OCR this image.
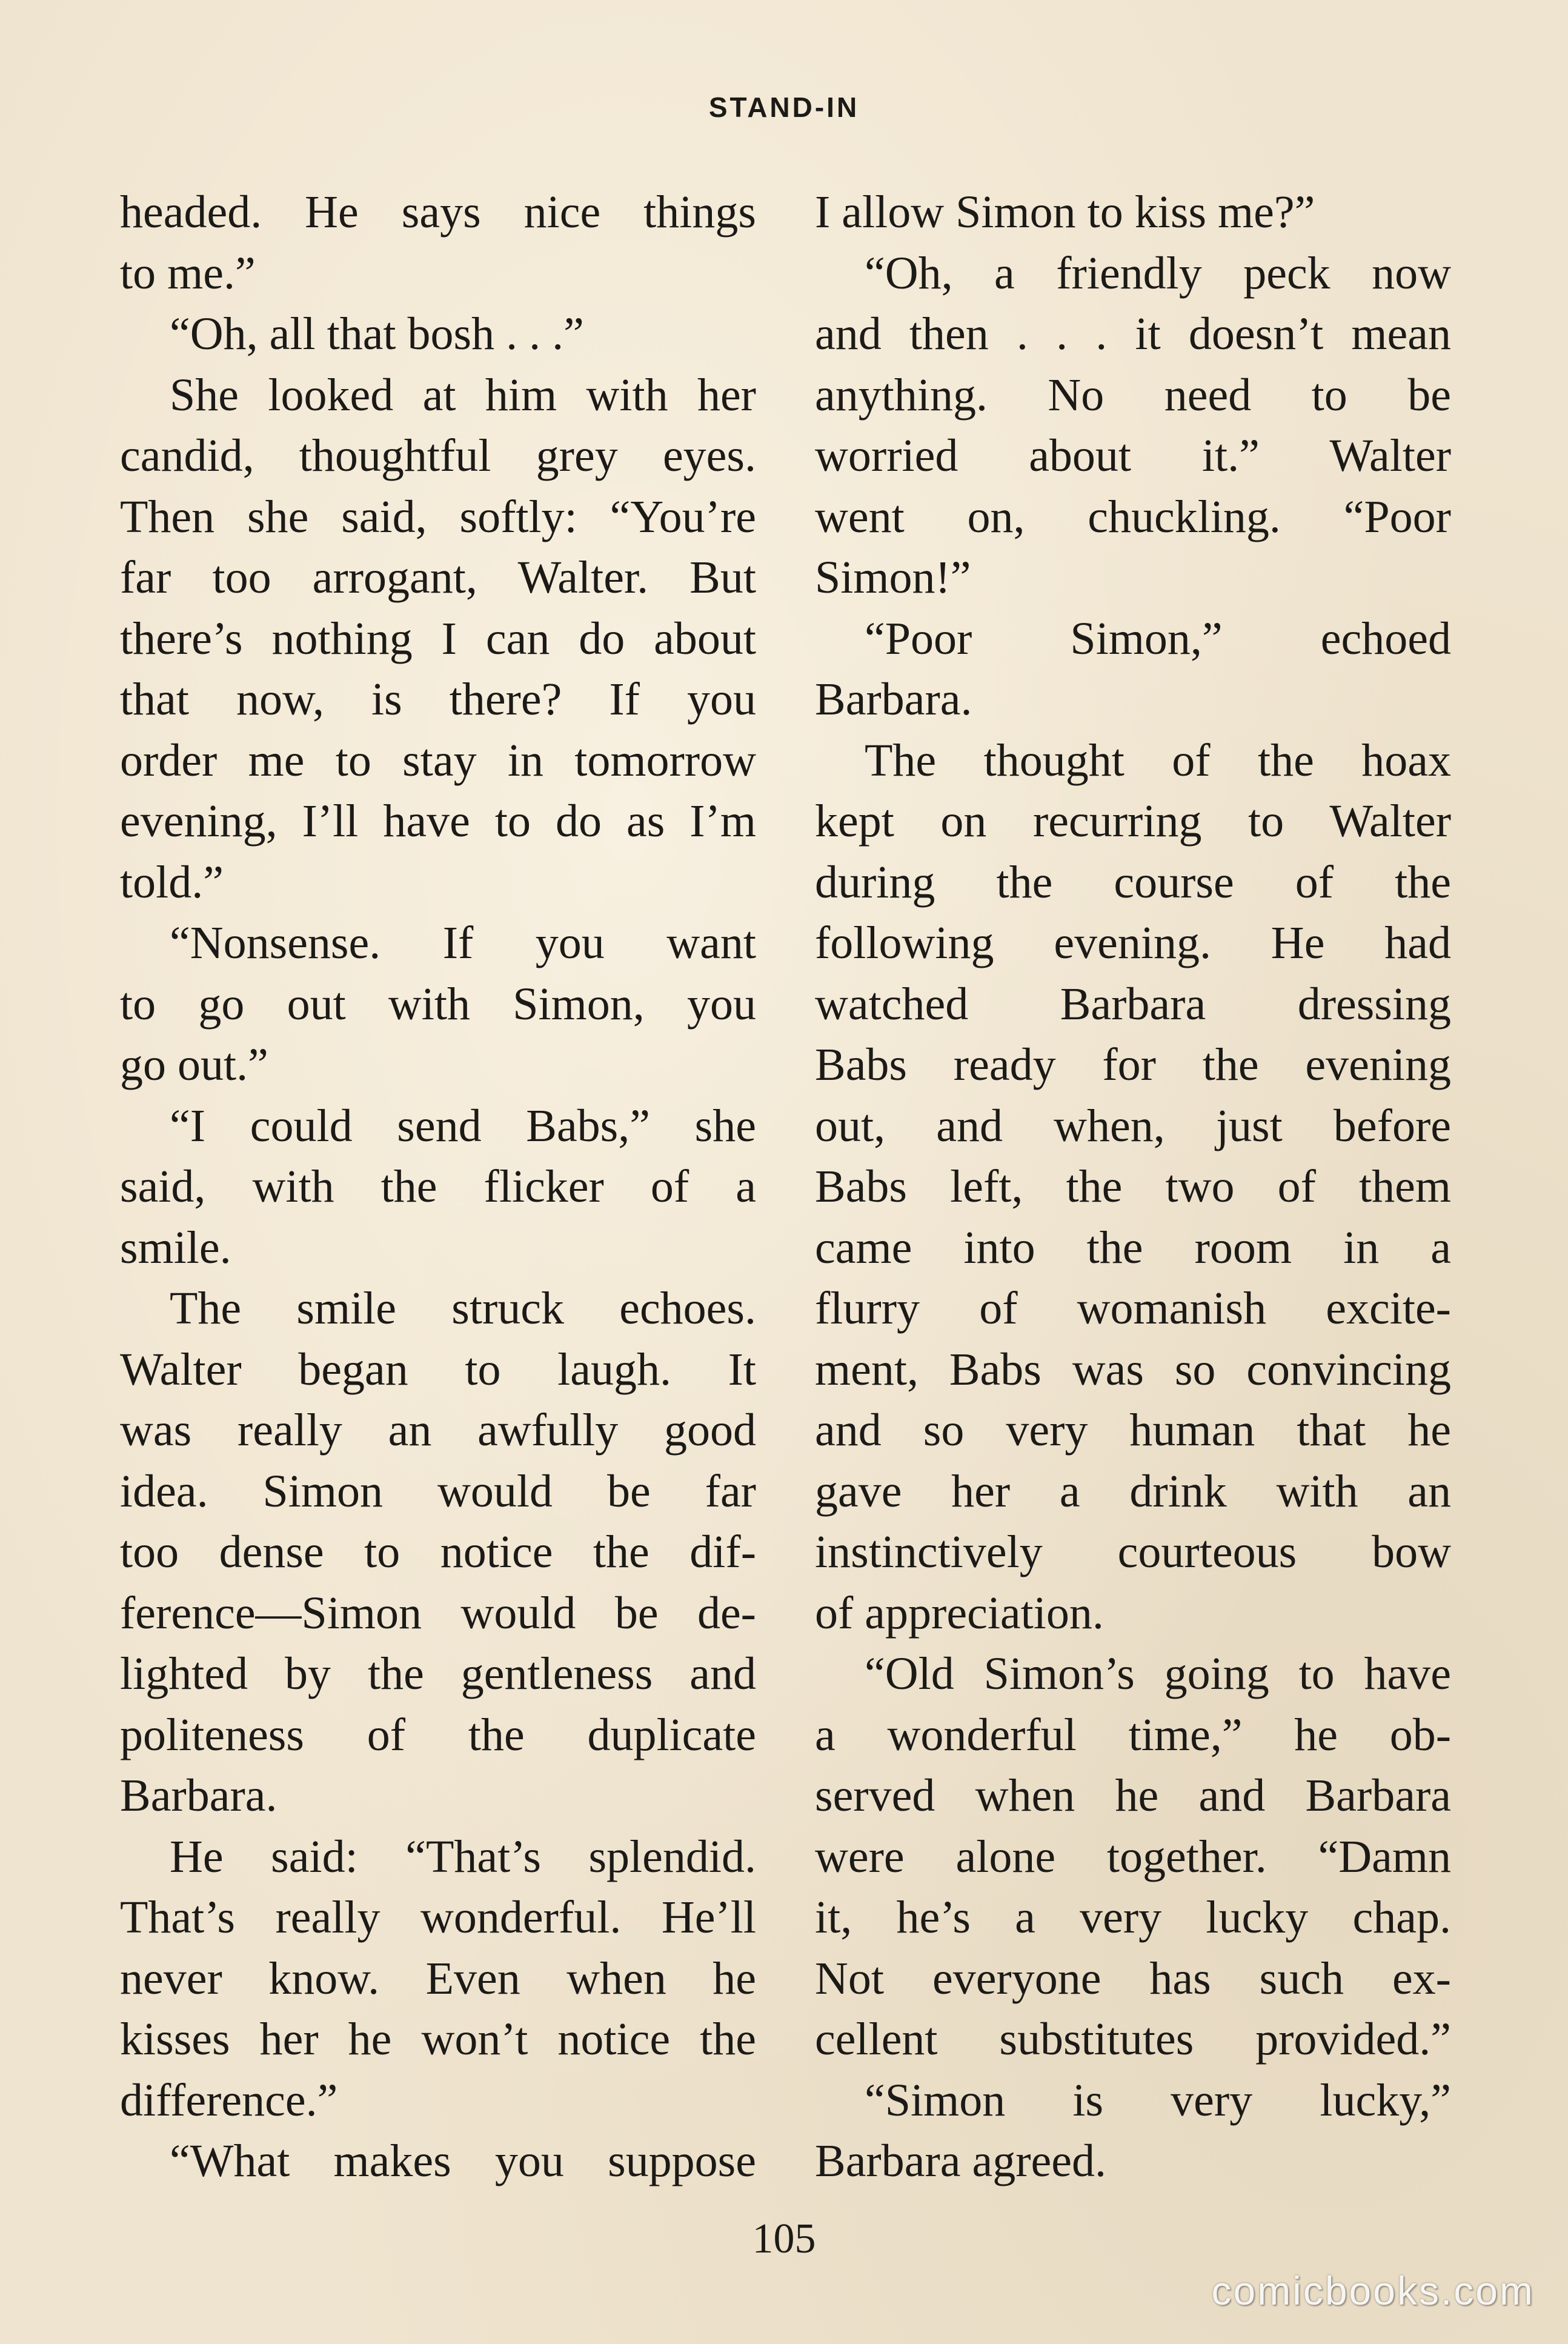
STAND-IN
headed. He says nice things
to me.”
“Oh, all that bosh . . .”
She looked at him with her
candid, thoughtful grey eyes.
Then she said, softly: “You’re
far too arrogant, Walter. But
there’s nothing I can do about
that now, is there? If you
order me to stay in tomorrow
evening, I’ll have to do as I’m
told.”
“Nonsense. If you want
to go out with Simon, you
go out.”
“I could send Babs,” she
said, with the flicker of a
smile.
The smile struck echoes.
Walter began to laugh. It
was really an awfully good
idea. Simon would be far
too dense to notice the dif-
ference—Simon would be de-
lighted by the gentleness and
politeness of the duplicate
Barbara.
He said: “That’s splendid.
That’s really wonderful. He’ll
never know. Even when he
kisses her he won’t notice the
difference.”
“What makes you suppose
I allow Simon to kiss me?”
“Oh, a friendly peck now
and then . . . it doesn’t mean
anything. No need to be
worried about it.” Walter
went on, chuckling. “Poor
Simon!”
“Poor Simon,” echoed
Barbara.
The thought of the hoax
kept on recurring to Walter
during the course of the
following evening. He had
watched Barbara dressing
Babs ready for the evening
out, and when, just before
Babs left, the two of them
came into the room in a
flurry of womanish excite-
ment, Babs was so convincing
and so very human that he
gave her a drink with an
instinctively courteous bow
of appreciation.
“Old Simon’s going to have
a wonderful time,” he ob-
served when he and Barbara
were alone together. “Damn
it, he’s a very lucky chap.
Not everyone has such ex-
cellent substitutes provided.”
“Simon is very lucky,”
Barbara agreed.
105
comicbooks.com
